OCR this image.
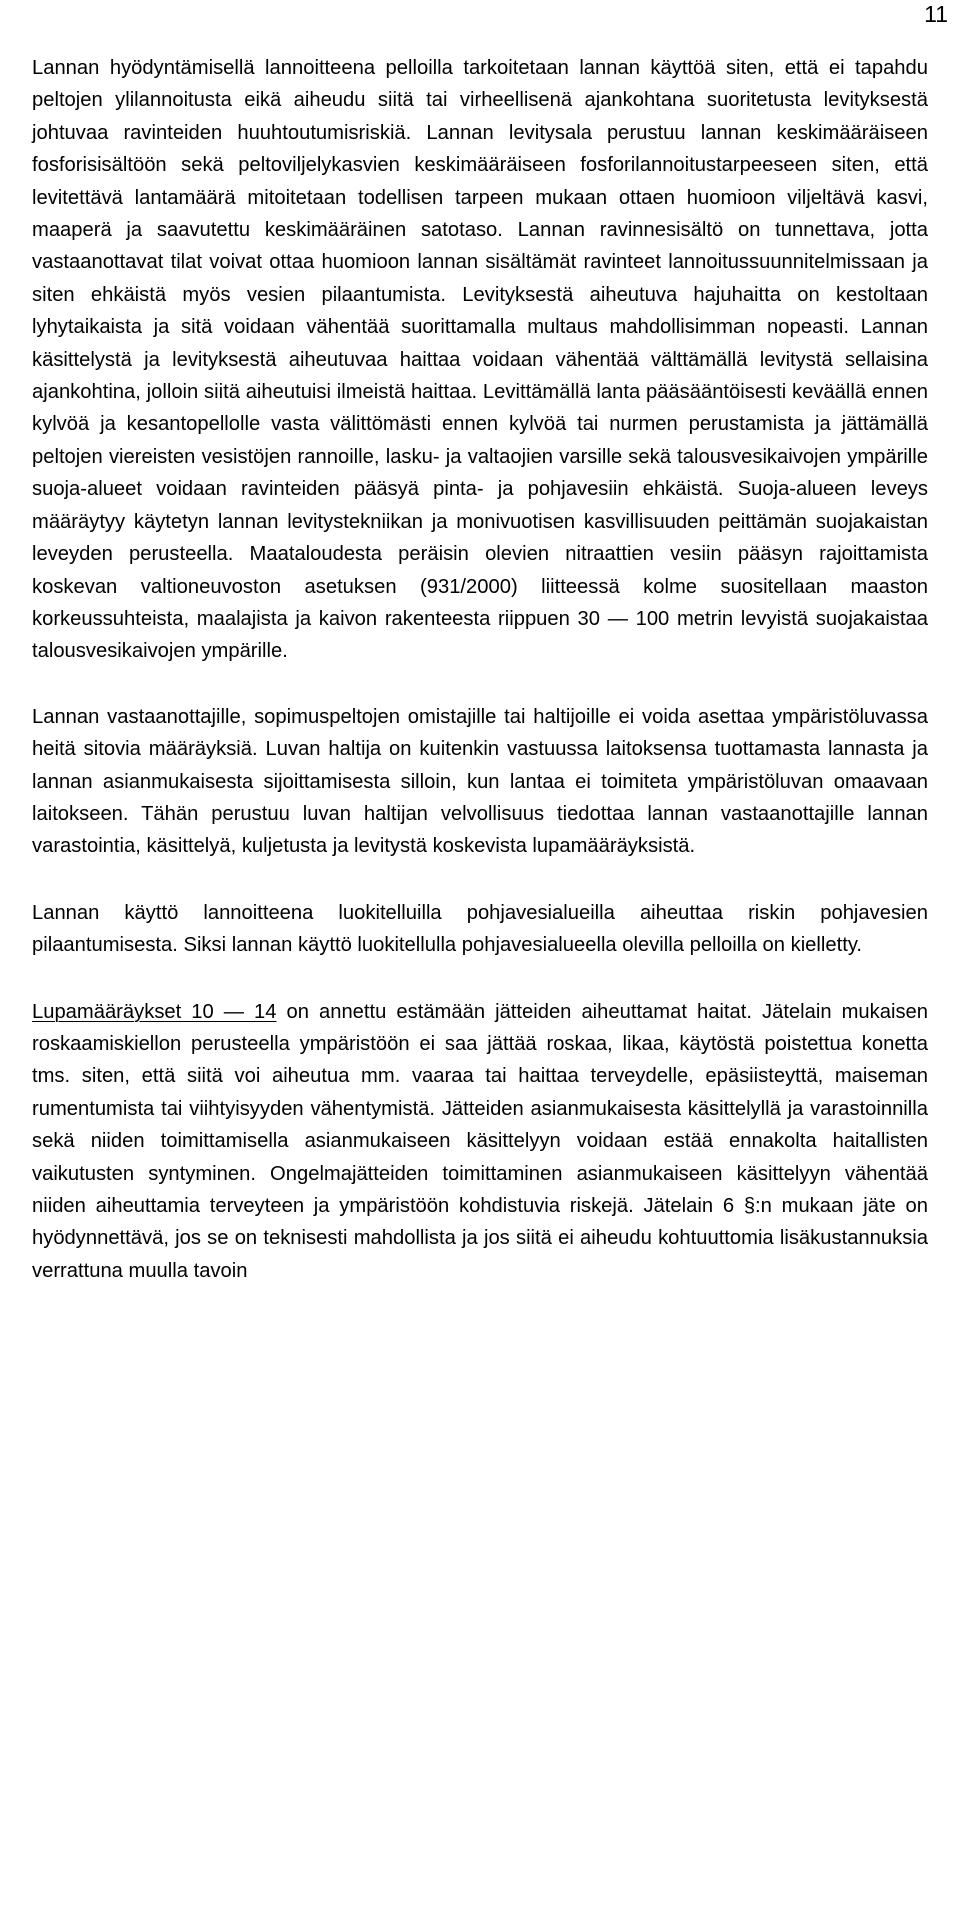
11

Lannan hyödyntämisellä lannoitteena pelloilla tarkoitetaan lannan käyttöä siten, että ei tapahdu peltojen ylilannoitusta eikä aiheudu siitä tai virheellisenä ajankohtana suoritetusta levityksestä johtuvaa ravinteiden huuhtoutumisriskiä. Lannan levitysala perustuu lannan keskimääräiseen fosforisisältöön sekä peltoviljelykasvien keskimääräiseen fosforilannoitustarpeeseen siten, että levitettävä lantamäärä mitoitetaan todellisen tarpeen mukaan ottaen huomioon viljeltävä kasvi, maaperä ja saavutettu keskimääräinen satotaso. Lannan ravinnesisältö on tunnettava, jotta vastaanottavat tilat voivat ottaa huomioon lannan sisältämät ravinteet lannoitussuunnitelmissaan ja siten ehkäistä myös vesien pilaantumista. Levityksestä aiheutuva hajuhaitta on kestoltaan lyhytaikaista ja sitä voidaan vähentää suorittamalla multaus mahdollisimman nopeasti. Lannan käsittelystä ja levityksestä aiheutuvaa haittaa voidaan vähentää välttämällä levitystä sellaisina ajankohtina, jolloin siitä aiheutuisi ilmeistä haittaa. Levittämällä lanta pääsääntöisesti keväällä ennen kylvöä ja kesantopellolle vasta välittömästi ennen kylvöä tai nurmen perustamista ja jättämällä peltojen viereisten vesistöjen rannoille, lasku- ja valtaojien varsille sekä talousvesikaivojen ympärille suoja-alueet voidaan ravinteiden pääsyä pinta- ja pohjavesiin ehkäistä. Suoja-alueen leveys määräytyy käytetyn lannan levitystekniikan ja monivuotisen kasvillisuuden peittämän suojakaistan leveyden perusteella. Maataloudesta peräisin olevien nitraattien vesiin pääsyn rajoittamista koskevan valtioneuvoston asetuksen (931/2000) liitteessä kolme suositellaan maaston korkeussuhteista, maalajista ja kaivon rakenteesta riippuen 30 — 100 metrin levyistä suojakaistaa talousvesikaivojen ympärille.

Lannan vastaanottajille, sopimuspeltojen omistajille tai haltijoille ei voida asettaa ympäristöluvassa heitä sitovia määräyksiä. Luvan haltija on kuitenkin vastuussa laitoksensa tuottamasta lannasta ja lannan asianmukaisesta sijoittamisesta silloin, kun lantaa ei toimiteta ympäristöluvan omaavaan laitokseen. Tähän perustuu luvan haltijan velvollisuus tiedottaa lannan vastaanottajille lannan varastointia, käsittelyä, kuljetusta ja levitystä koskevista lupamääräyksistä.

Lannan käyttö lannoitteena luokitelluilla pohjavesialueilla aiheuttaa riskin pohjavesien pilaantumisesta. Siksi lannan käyttö luokitellulla pohjavesialueella olevilla pelloilla on kielletty.

Lupamääräykset 10 — 14 on annettu estämään jätteiden aiheuttamat haitat. Jätelain mukaisen roskaamiskiellon perusteella ympäristöön ei saa jättää roskaa, likaa, käytöstä poistettua konetta tms. siten, että siitä voi aiheutua mm. vaaraa tai haittaa terveydelle, epäsiisteyttä, maiseman rumentumista tai viihtyisyyden vähentymistä. Jätteiden asianmukaisesta käsittelyllä ja varastoinnilla sekä niiden toimittamisella asianmukaiseen käsittelyyn voidaan estää ennakolta haitallisten vaikutusten syntyminen. Ongelmajätteiden toimittaminen asianmukaiseen käsittelyyn vähentää niiden aiheuttamia terveyteen ja ympäristöön kohdistuvia riskejä. Jätelain 6 §:n mukaan jäte on hyödynnettävä, jos se on teknisesti mahdollista ja jos siitä ei aiheudu kohtuuttomia lisäkustannuksia verrattuna muulla tavoin
